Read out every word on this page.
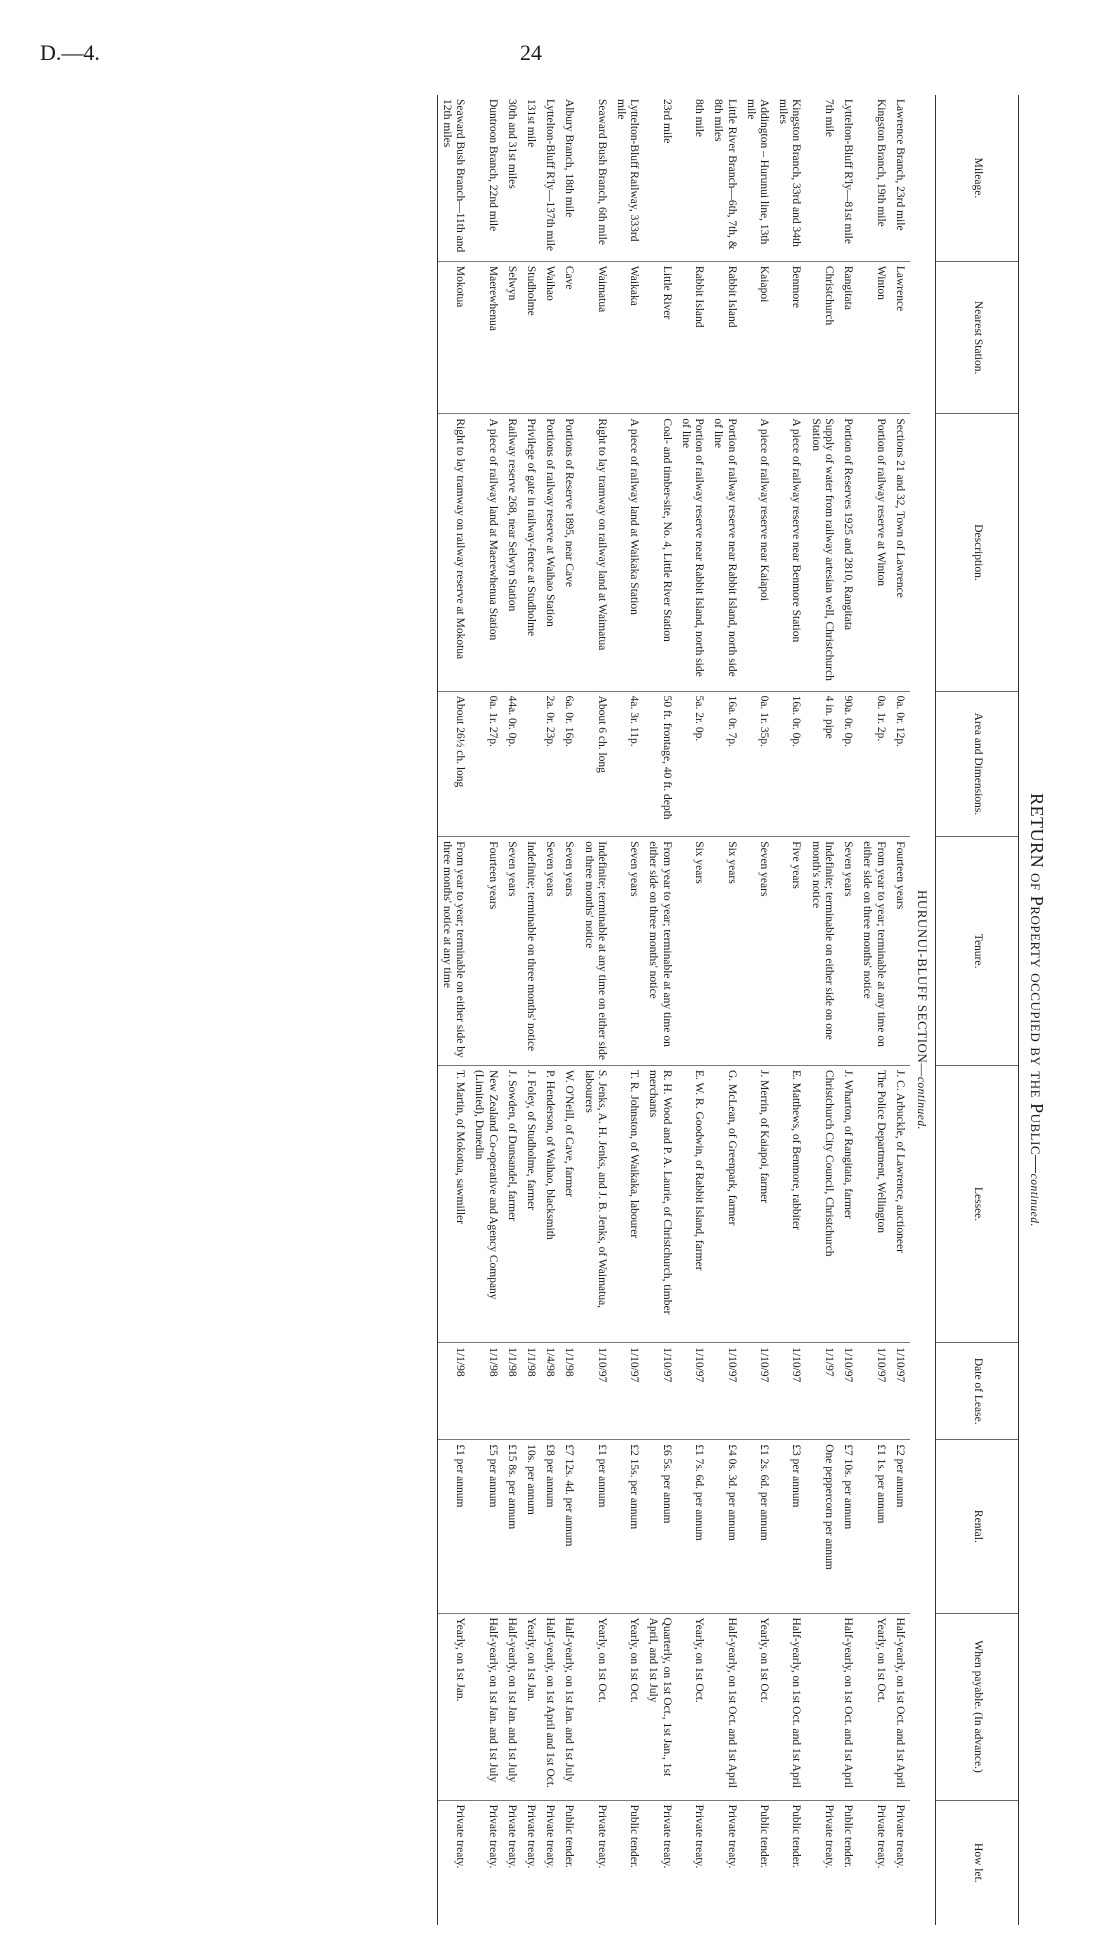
D.—4.	24
RETURN of Property occupied by the Public—continued.
Mileage.	Nearest Station.	Description.	Area and Dimensions.	Tenure.	Lessee.	Date of Lease.	Rental.	When payable. (In advance.)	How let.
HURUNUI-BLUFF SECTION—continued.									
Lawrence Branch, 23rd mile	Lawrence	Sections 21 and 32, Town of Lawrence	0a. 0r. 12p.	Fourteen years	J. C. Arbuckle, of Lawrence, auctioneer	1/10/97	£2 per annum	Half-yearly, on 1st Oct. and 1st April	Private treaty.
Kingston Branch, 19th mile	Winton	Portion of railway reserve at Winton	0a. 1r. 2p.	From year to year; terminable at any time on either side on three months' notice	The Police Department, Wellington	1/10/97	£1 1s. per annum	Yearly, on 1st Oct.	Private treaty.
Lyttelton-Bluff R'ly—81st mile	Rangitata	Portion of Reserves 1925 and 2810, Rangitata	90a. 0r. 0p.	Seven years	J. Wharton, of Rangitata, farmer	1/10/97	£7 10s. per annum	Half-yearly, on 1st Oct. and 1st April	Public tender.
7th mile	Christchurch	Supply of water from railway artesian well, Christchurch Station	4 in. pipe	Indefinite; terminable on either side on one month's notice	Christchurch City Council, Christchurch	1/1/97	One peppercorn per annum		Private treaty.
Kingston Branch, 33rd and 34th miles	Benmore	A piece of railway reserve near Benmore Station	16a. 0r. 0p.	Five years	E. Matthews, of Benmore, rabbiter	1/10/97	£3 per annum	Half-yearly, on 1st Oct. and 1st April	Public tender.
Addington – Hurunui line, 13th mile	Kaiapoi	A piece of railway reserve near Kaiapoi	0a. 1r. 35p.	Seven years	J. Merrin, of Kaiapoi, farmer	1/10/97	£1 2s. 6d. per annum	Yearly, on 1st Oct.	Public tender.
Little River Branch—6th, 7th, & 8th miles	Rabbit Island	Portion of railway reserve near Rabbit Island, north side of line	16a. 0r. 7p.	Six years	G. McLean, of Greenpark, farmer	1/10/97	£4 0s. 3d. per annum	Half-yearly, on 1st Oct. and 1st April	Private treaty.
8th mile	Rabbit Island	Portion of railway reserve near Rabbit Island, north side of line	5a. 2r. 0p.	Six years	E. W. R. Goodwin, of Rabbit Island, farmer	1/10/97	£1 7s. 6d. per annum	Yearly, on 1st Oct.	Private treaty.
23rd mile	Little River	Coal- and timber-site, No. 4, Little River Station	50 ft. frontage, 40 ft. depth	From year to year; terminable at any time on either side on three months' notice	R. H. Wood and P. A. Laurie, of Christchurch, timber merchants	1/10/97	£6 5s. per annum	Quarterly, on 1st Oct., 1st Jan., 1st April, and 1st July	Private treaty.
Lyttelton-Bluff Railway, 333rd mile	Waikaka	A piece of railway land at Waikaka Station	4a. 3r. 11p.	Seven years	T. R. Johnston, of Waikaka, labourer	1/10/97	£2 15s. per annum	Yearly, on 1st Oct.	Public tender.
Seaward Bush Branch, 6th mile	Waimatua	Right to lay tramway on railway land at Waimatua	About 6 ch. long	Indefinite; terminable at any time on either side on three months' notice	S. Jenks, A. H. Jenks, and J. B. Jenks, of Waimatua, labourers	1/10/97	£1 per annum	Yearly, on 1st Oct.	Private treaty.
Albury Branch, 18th mile	Cave	Portions of Reserve 1895, near Cave	6a. 0r. 16p.	Seven years	W. O'Neill, of Cave, farmer	1/1/98	£7 12s. 4d. per annum	Half-yearly, on 1st Jan. and 1st July	Public tender.
Lyttelton-Bluff R'ly—137th mile	Waihao	Portions of railway reserve at Waihao Station	2a. 0r. 23p.	Seven years	P. Henderson, of Waihao, blacksmith	1/4/98	£8 per annum	Half-yearly, on 1st April and 1st Oct.	Private treaty.
131st mile	Studholme	Privilege of gate in railway-fence at Studholme		Indefinite; terminable on three months' notice	J. Foley, of Studholme, farmer	1/1/98	10s. per annum	Yearly, on 1st Jan.	Private treaty.
30th and 31st miles	Selwyn	Railway reserve 268, near Selwyn Station	44a. 0r. 0p.	Seven years	J. Sowden, of Dunsandel, farmer	1/1/98	£15 8s. per annum	Half-yearly, on 1st Jan. and 1st July	Private treaty.
Duntroon Branch, 22nd mile	Maerewhenua	A piece of railway land at Maerewhenua Station	0a. 1r. 27p.	Fourteen years	New Zealand Co-operative and Agency Company (Limited), Dunedin	1/1/98	£5 per annum	Half-yearly, on 1st Jan. and 1st July	Private treaty.
Seaward Bush Branch—11th and 12th miles	Mokotua	Right to lay tramway on railway reserve at Mokotua	About 26½ ch. long	From year to year; terminable on either side by three months' notice at any time	T. Martin, of Mokotua, sawmiller	1/1/98	£1 per annum	Yearly, on 1st Jan.	Private treaty.
